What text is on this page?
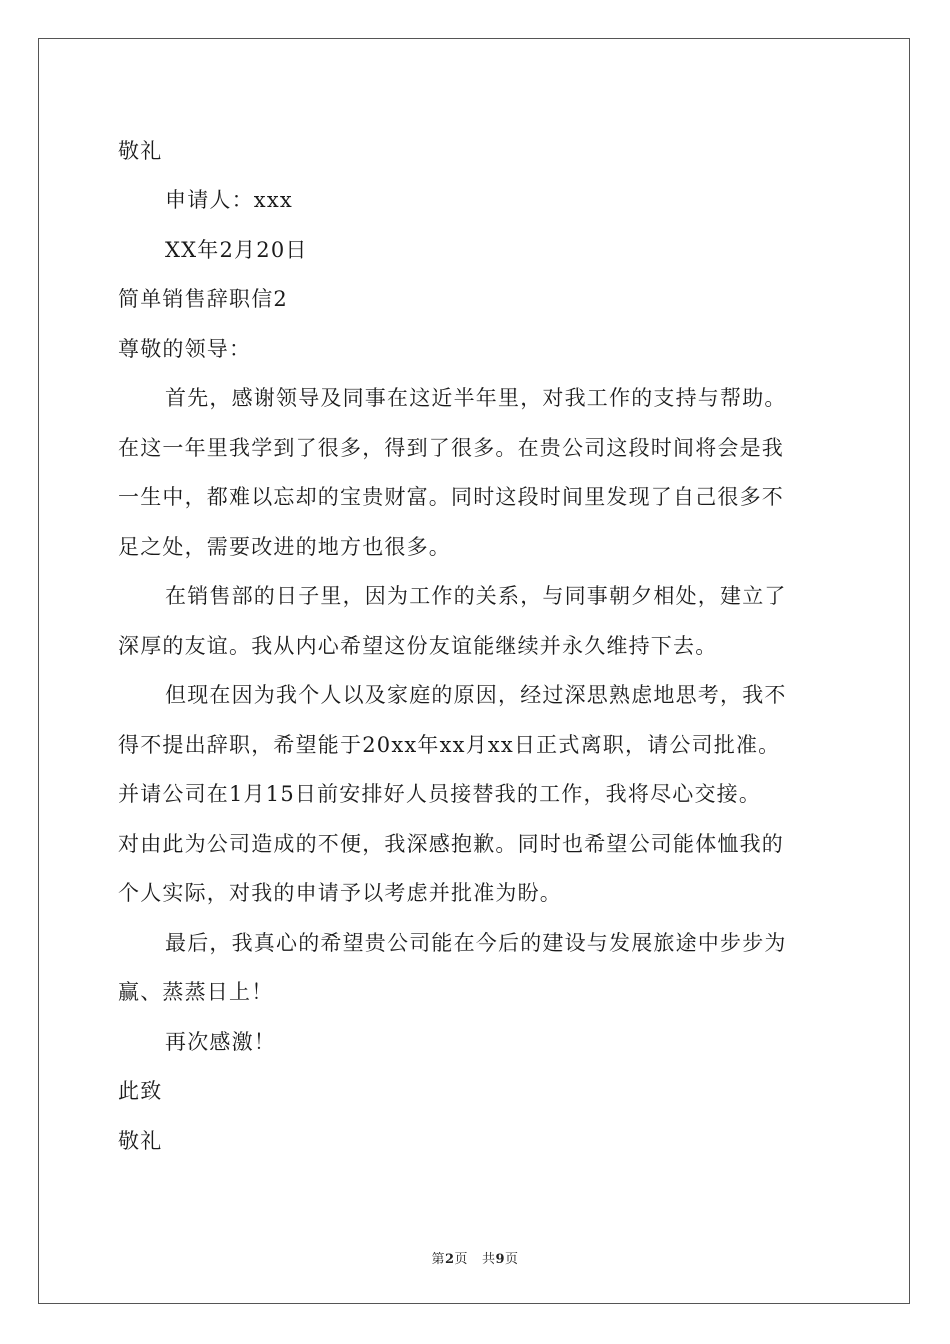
敬礼
申请人：xxx
XX年2月20日
简单销售辞职信2
尊敬的领导：
首先，感谢领导及同事在这近半年里，对我工作的支持与帮助。
在这一年里我学到了很多，得到了很多。在贵公司这段时间将会是我
一生中，都难以忘却的宝贵财富。同时这段时间里发现了自己很多不
足之处，需要改进的地方也很多。
在销售部的日子里，因为工作的关系，与同事朝夕相处，建立了
深厚的友谊。我从内心希望这份友谊能继续并永久维持下去。
但现在因为我个人以及家庭的原因，经过深思熟虑地思考，我不
得不提出辞职，希望能于20xx年xx月xx日正式离职，请公司批准。
并请公司在1月15日前安排好人员接替我的工作，我将尽心交接。
对由此为公司造成的不便，我深感抱歉。同时也希望公司能体恤我的
个人实际，对我的申请予以考虑并批准为盼。
最后，我真心的希望贵公司能在今后的建设与发展旅途中步步为
赢、蒸蒸日上！
再次感激！
此致
敬礼
第2页 共9页
